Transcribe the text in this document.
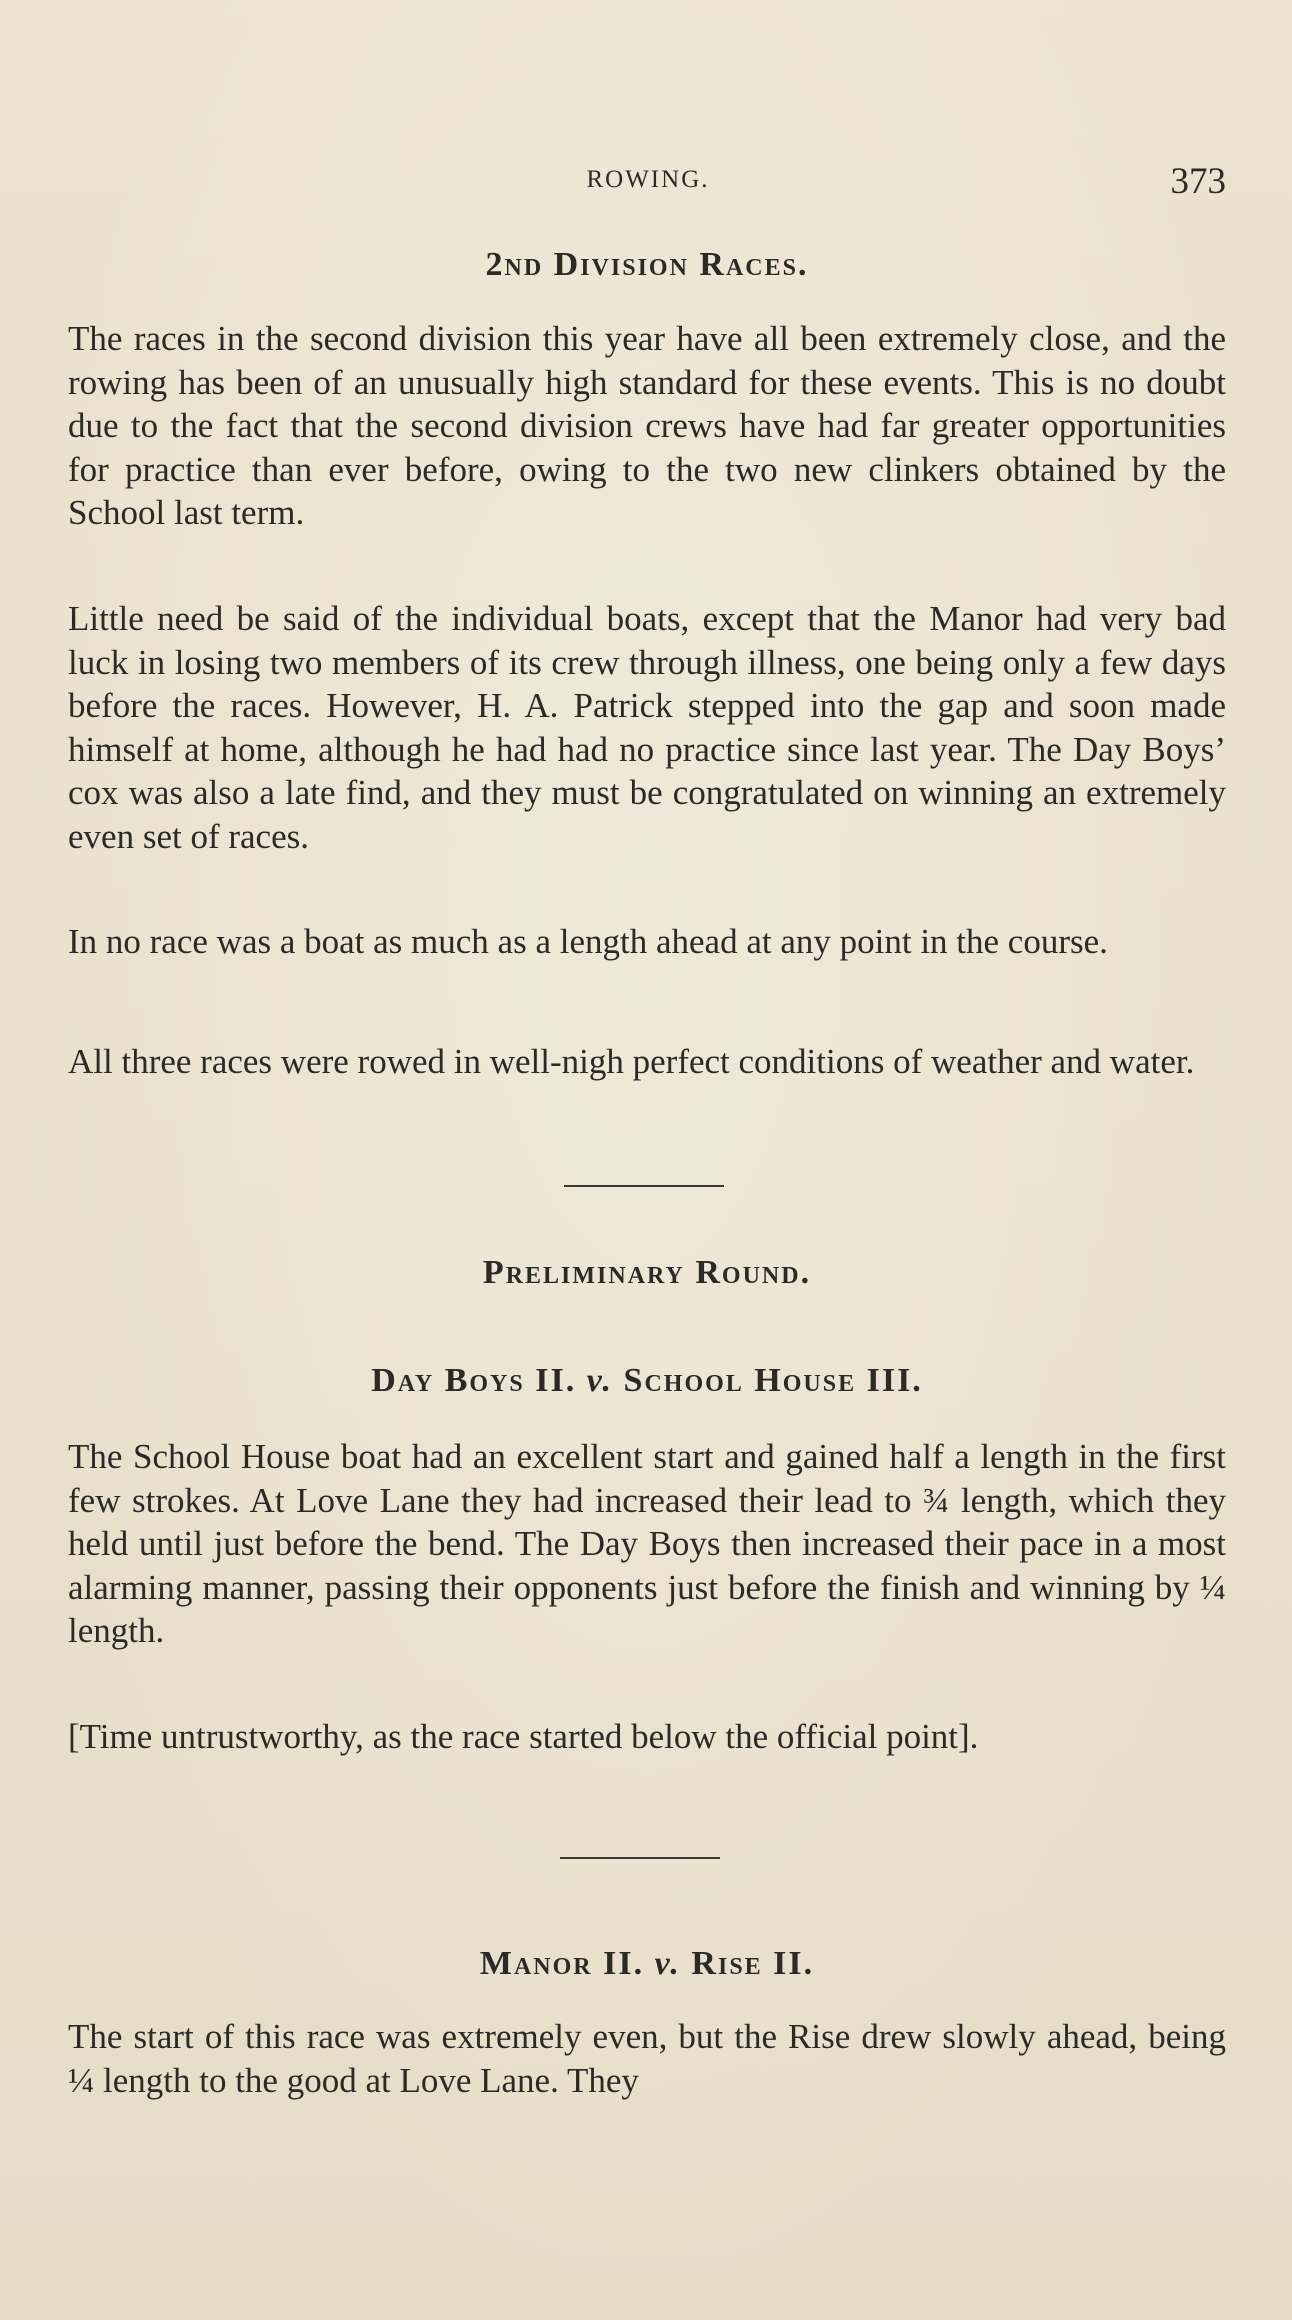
ROWING.	373
2nd Division Races.

The races in the second division this year have all been extremely close, and the rowing has been of an unusually high standard for these events. This is no doubt due to the fact that the second division crews have had far greater opportunities for practice than ever before, owing to the two new clinkers obtained by the School last term.

Little need be said of the individual boats, except that the Manor had very bad luck in losing two members of its crew through illness, one being only a few days before the races. However, H. A. Patrick stepped into the gap and soon made himself at home, although he had had no practice since last year. The Day Boys’ cox was also a late find, and they must be congratulated on winning an extremely even set of races.

In no race was a boat as much as a length ahead at any point in the course.

All three races were rowed in well-nigh perfect conditions of weather and water.

Preliminary Round.
Day Boys II. v. School House III.

The School House boat had an excellent start and gained half a length in the first few strokes. At Love Lane they had increased their lead to ¾ length, which they held until just before the bend. The Day Boys then increased their pace in a most alarming manner, passing their opponents just before the finish and winning by ¼ length.

[Time untrustworthy, as the race started below the official point].

Manor II. v. Rise II.

The start of this race was extremely even, but the Rise drew slowly ahead, being ¼ length to the good at Love Lane. They
